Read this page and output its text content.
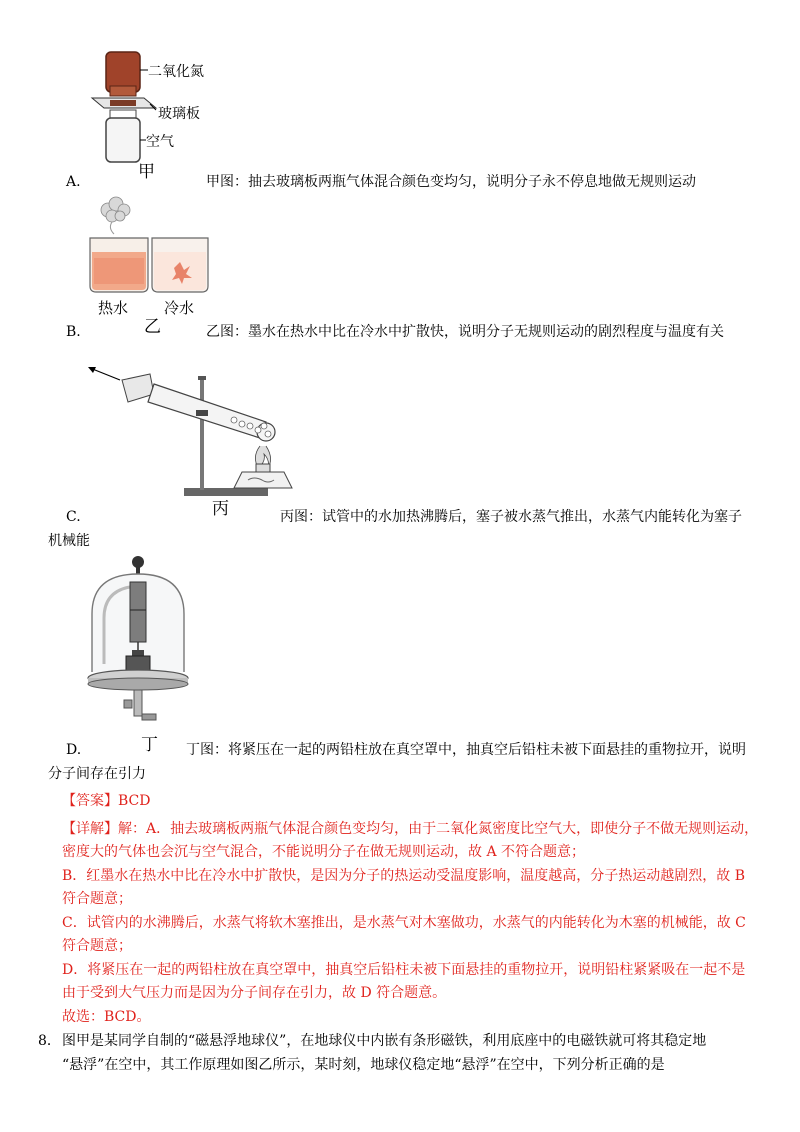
二氧化氮
玻璃板
空气
甲
A.	甲图：抽去玻璃板两瓶气体混合颜色变均匀，说明分子永不停息地做无规则运动
热水 冷水
乙
B.	乙图：墨水在热水中比在冷水中扩散快，说明分子无规则运动的剧烈程度与温度有关
丙
C.	丙图：试管中的水加热沸腾后，塞子被水蒸气推出，水蒸气内能转化为塞子
机械能
丁
D.	丁图：将紧压在一起的两铅柱放在真空罩中，抽真空后铅柱未被下面悬挂的重物拉开，说明
分子间存在引力
【答案】BCD
【详解】解：A．抽去玻璃板两瓶气体混合颜色变均匀，由于二氧化氮密度比空气大，即使分子不做无规则运动，
密度大的气体也会沉与空气混合，不能说明分子在做无规则运动，故 A 不符合题意；
B．红墨水在热水中比在冷水中扩散快，是因为分子的热运动受温度影响，温度越高，分子热运动越剧烈，故 B
符合题意；
C．试管内的水沸腾后，水蒸气将软木塞推出，是水蒸气对木塞做功，水蒸气的内能转化为木塞的机械能，故 C
符合题意；
D．将紧压在一起的两铅柱放在真空罩中，抽真空后铅柱未被下面悬挂的重物拉开，说明铅柱紧紧吸在一起不是
由于受到大气压力而是因为分子间存在引力，故 D 符合题意。
故选：BCD。
8． 图甲是某同学自制的“磁悬浮地球仪”，在地球仪中内嵌有条形磁铁，利用底座中的电磁铁就可将其稳定地
“悬浮”在空中，其工作原理如图乙所示，某时刻，地球仪稳定地“悬浮”在空中，下列分析正确的是
